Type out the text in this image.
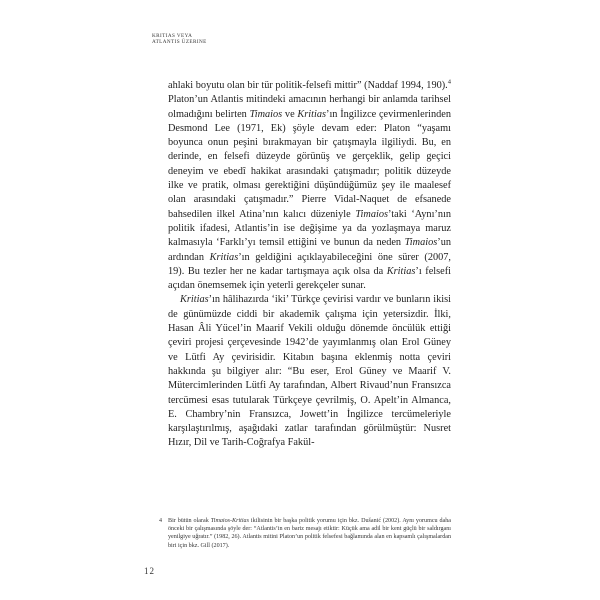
KRITIAS VEYA
ATLANTIS ÜZERINE

ahlaki boyutu olan bir tür politik-felsefi mittir” (Naddaf 1994, 190).$^4$ Platon’un Atlantis mitindeki amacının herhangi bir anlamda tarihsel olmadığını belirten Timaios ve Kritias’ın İngilizce çevirmenlerinden Desmond Lee (1971, Ek) şöyle devam eder: Platon “yaşamı boyunca onun peşini bırakmayan bir çatışmayla ilgiliydi. Bu, en derinde, en felsefi düzeyde görünüş ve gerçeklik, gelip geçici deneyim ve ebedî hakikat arasındaki çatışmadır; politik düzeyde ilke ve pratik, olması gerektiğini düşündüğümüz şey ile maalesef olan arasındaki çatışmadır.” Pierre Vidal-Naquet de efsanede bahsedilen ilkel Atina’nın kalıcı düzeniyle Timaios’taki ‘Aynı’nın politik ifadesi, Atlantis’in ise değişime ya da yozlaşmaya maruz kalmasıyla ‘Farklı’yı temsil ettiğini ve bunun da neden Timaios’un ardından Kritias’ın geldiğini açıklayabileceğini öne sürer (2007, 19). Bu tezler her ne kadar tartışmaya açık olsa da Kritias’ı felsefi açıdan önemsemek için yeterli gerekçeler sunar.

Kritias’ın hâlihazırda ‘iki’ Türkçe çevirisi vardır ve bunların ikisi de günümüzde ciddi bir akademik çalışma için yetersizdir. İlki, Hasan Âli Yücel’in Maarif Vekili olduğu dönemde öncülük ettiği çeviri projesi çerçevesinde 1942’de yayımlanmış olan Erol Güney ve Lütfi Ay çevirisidir. Kitabın başına eklenmiş notta çeviri hakkında şu bilgiyer alır: “Bu eser, Erol Güney ve Maarif V. Mütercimlerinden Lütfi Ay tarafından, Albert Rivaud’nun Fransızca tercümesi esas tutularak Türkçeye çevrilmiş, O. Apelt’in Almanca, E. Chambry’nin Fransızca, Jowett’in İngilizce tercümeleriyle karşılaştırılmış, aşağıdaki zatlar tarafından görülmüştür: Nusret Hızır, Dil ve Tarih-Coğrafya Fakül-

4 Bir bütün olarak Timaios-Kritias ikilisinin bir başka politik yorumu için bkz. Dušanić (2002). Aynı yorumcu daha önceki bir çalışmasında şöyle der: “Atlantis’in en bariz mesajı etiktir: Küçük ama adil bir kent güçlü bir saldırganı yenilgiye uğratır.” (1982, 26). Atlantis mitini Platon’un politik felsefesi bağlamında alan en kapsamlı çalışmalardan biri için bkz. Gill (2017).
12
